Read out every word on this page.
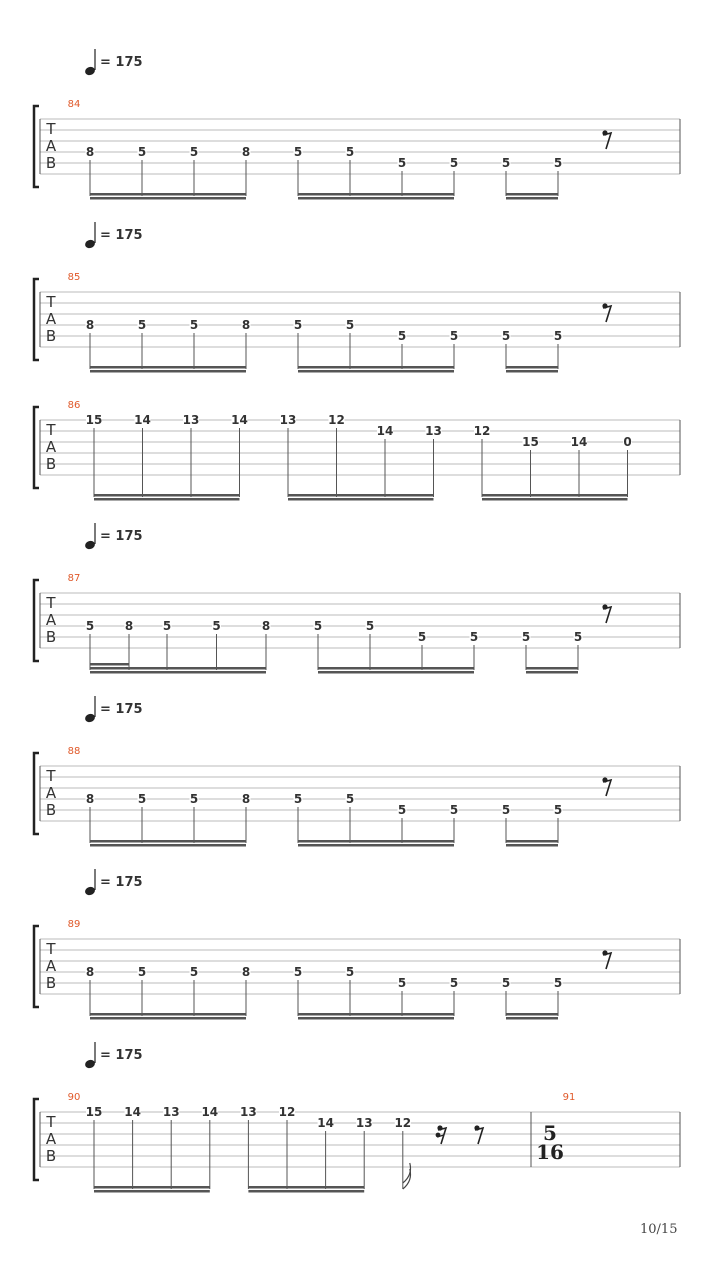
= 175
T
A
B
84
8	5	5	8	5	5
5	5	5	5
= 175
T
A
B
85
8	5	5	8	5	5
5	5	5	5
T
A
B
86
15	14	13	14	13	12
14	13	12
15	14	0
= 175
T
A
B
87
5	8 5	5	8	5	5
5	5	5	5
= 175
T
A
B
88
8	5	5	8	5	5
5	5	5	5
= 175
T
A
B
89
8	5	5	8	5	5
5	5	5	5
= 175
T
A
B
90
15 14 13 14 13 12
14 13 12
91
5
16
10/15
